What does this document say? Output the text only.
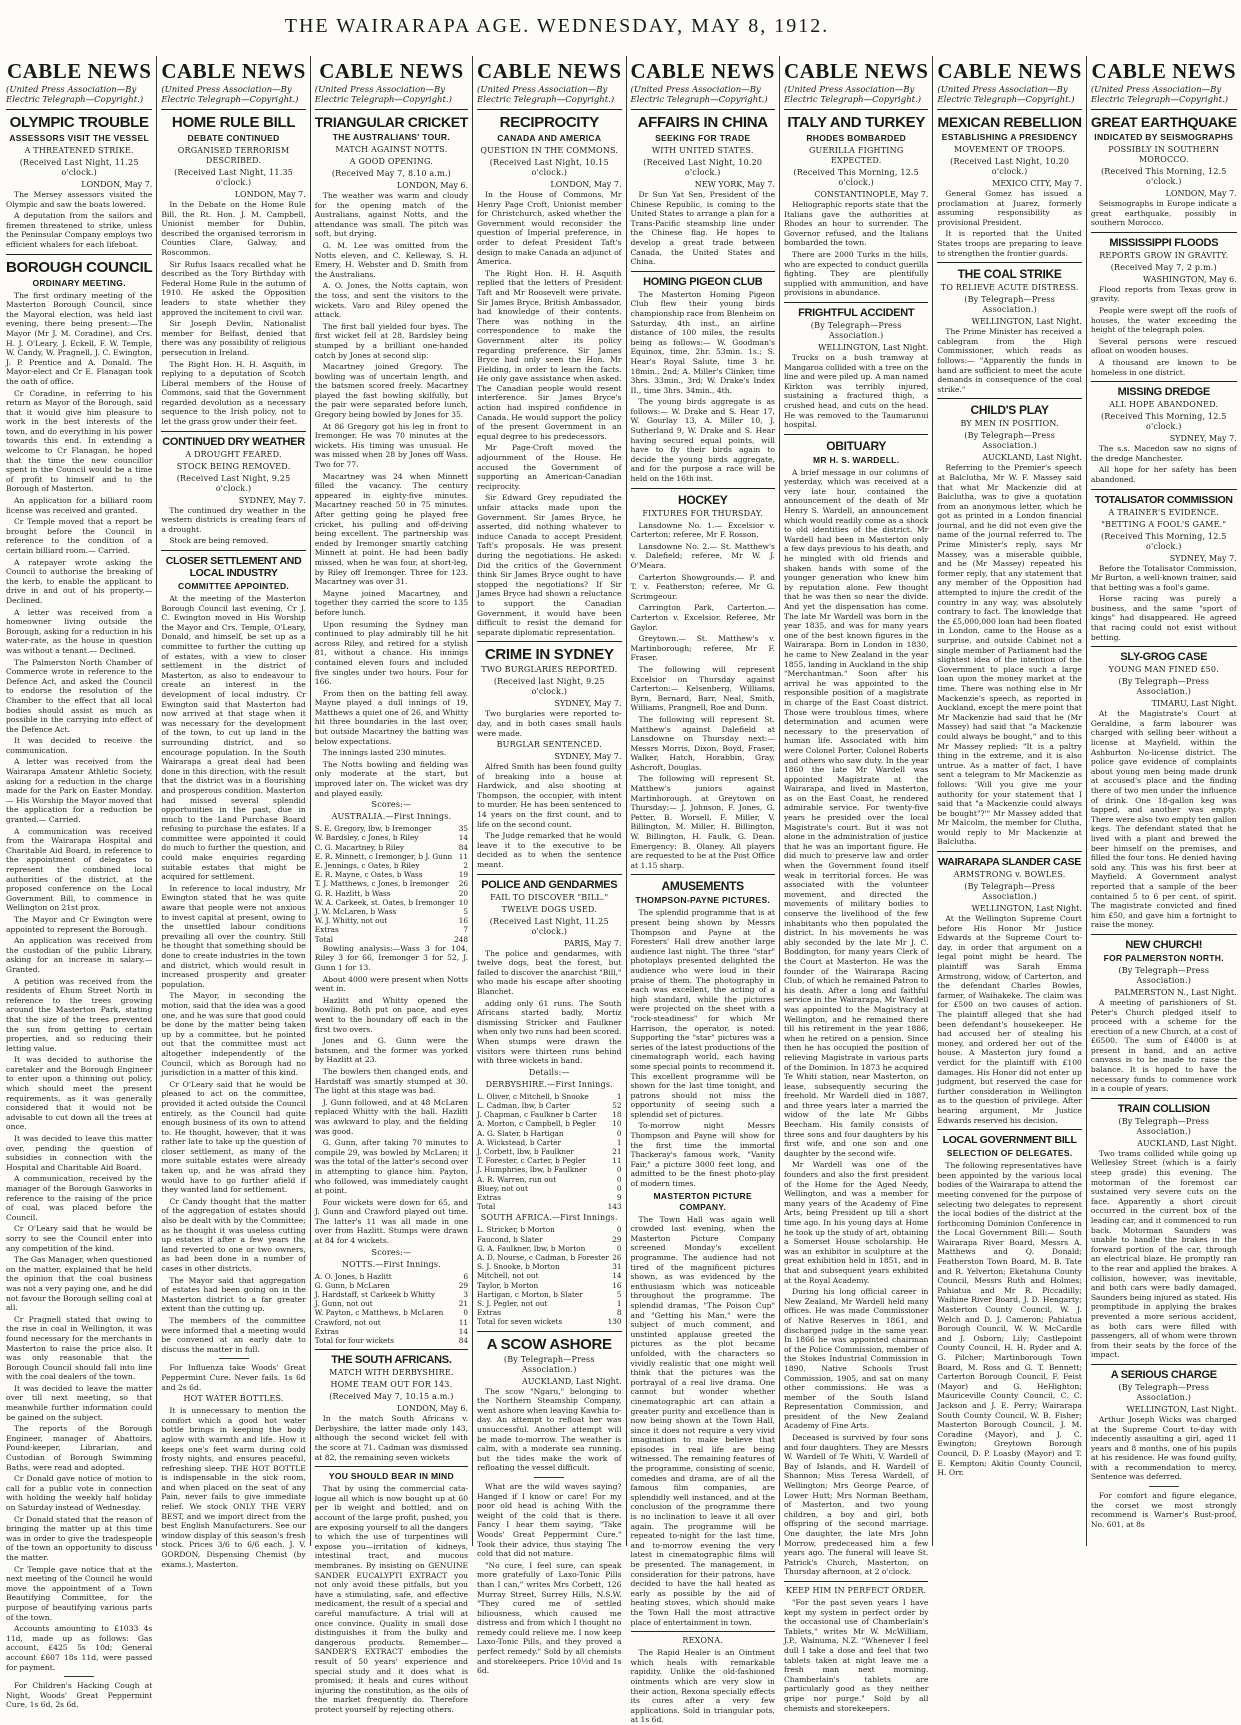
THE WAIRARAPA AGE. WEDNESDAY, MAY 8, 1912.
CABLE NEWS
(United Press Association—By Electric Telegraph—Copyright.)
OLYMPIC TROUBLE
ASSESSORS VISIT THE VESSEL
A THREATENED STRIKE.
(Received Last Night, 11.25 o'clock.)
LONDON, May 7.

The Mersey assessors visited the Olympic and saw the boats lowered.

A deputation from the sailors and firemen threatened to strike, unless the Peninsular Company employs two efficient whalers for each lifeboat.

BOROUGH COUNCIL
ORDINARY MEETING.

The first ordinary meeting of the Masterton Borough Council, since the Mayoral election, was held last evening, there being present:—The Mayor (Mr J. M. Coradine), and Crs. H. J. O'Leary, J. Eckell, F. W. Temple, W. Candy, W. Pragnell, J. C. Ewington, J. P. Prentice and A. Donald. The Mayor-elect and Cr E. Flanagan took the oath of office.

Cr Coradine, in referring to his return as Mayor of the Borough, said that it would give him pleasure to work in the best interests of the town, and do everything in his power towards this end. In extending a welcome to Cr Flanagan, he hoped that the time the new councillor spent in the Council would be a time of profit to himself and to the Borough of Masterton.

An application for a billiard room license was received and granted.

Cr Temple moved that a report be brought before the Council in reference to the condition of a certain billiard room.— Carried.

A ratepayer wrote asking the Council to authorise the breaking of the kerb, to enable the applicant to drive in and out of his property.— Declined.

A letter was received from a homeowner living outside the Borough, asking for a reduction in his water-rate, as the house in question was without a tenant.— Declined.

The Palmerston North Chamber of Commerce wrote in reference to the Defence Act, and asked the Council to endorse the resolution of the Chamber to the effect that all local bodies should assist as much as possible in the carrying into effect of the Defence Act.

It was decided to receive the communication.

A letter was received from the Wairarapa Amateur Athletic Society, asking for a reduction in the charge made for the Park on Easter Monday.— His Worship the Mayor moved that the application for a reduction be granted.— Carried.

A communication was received from the Wairarapa Hospital and Charitable Aid Board, in reference to the appointment of delegates to represent the combined local authorities of the district, at the proposed conference on the Local Government Bill, to commence in Wellington on 21st prox.

The Mayor and Cr Ewington were appointed to represent the Borough.

An application was received from the custodian of the public Library, asking for an increase in salary.— Granted.

A petition was received from the residents of Ehum Street North in reference to the trees growing around the Masterton Park, stating that the size of the trees prevented the sun from getting to certain properties, and so reducing their letting value.

It was decided to authorise the caretaker and the Borough Engineer to enter upon a thinning out policy, which should meet the present requirements, as it was generally considered that it would not be advisable to cut down all the trees at once.

It was decided to leave this matter over, pending the question of subsidies in connection with the Hospital and Charitable Aid Board.

A communication, received by the manager of the Borough Gasworks in reference to the raising of the price of coal, was placed before the Council.

Cr O'Leary said that he would be sorry to see the Council enter into any competition of the kind.

The Gas Manager, when questioned on the matter, explained that he held the opinion that the coal business was not a very paying one, and he did not favour the Borough selling coal at all.

Cr Pragnell stated that owing to the rise in coal in Wellington, it was found necessary for the merchants in Masterton to raise the price also. It was only reasonable that the Borough Council should fall into line with the coal dealers of the town.

It was decided to leave the matter over till next meeting, so that meanwhile further information could be gained on the subject.

The reports of the Borough Engineer, manager of Abattoirs, Pound-keeper, Librarian, and Custodian of Borough Swimming Baths, were read and adopted.

Cr Donald gave notice of motion to call for a public vote in connection with holding the weekly half holiday on Saturday instead of Wednesday.

Cr Donald stated that the reason of bringing the matter up at this time was in order to give the tradespeople of the town an opportunity to discuss the matter.

Cr Temple gave notice that at the next meeting of the Council he would move the appointment of a Town Beautifying Committee, for the purpose of beautifying various parts of the town.

Accounts amounting to £1033 4s 11d, made up as follows: Gas account, £425 5s 10d; General account £607 18s 11d, were passed for payment.

For Children's Hacking Cough at Night, Woods' Great Peppermint Cure, 1s 6d, 2s 6d.

CABLE NEWS
(United Press Association—By Electric Telegraph—Copyright.)
HOME RULE BILL
DEBATE CONTINUED
ORGANISED TERRORISM DESCRIBED.
(Received Last Night, 11.35 o'clock.)
LONDON, May 7.

In the Debate on the Home Rule Bill, the Rt. Hon. J. M. Campbell, Unionist member for Dublin, described the organised terrorism in Counties Clare, Galway, and Roscommon.

Sir Rufus Isaacs recalled what he described as the Tory Birthday with Federal Home Rule in the autumn of 1910. He asked the Opposition leaders to state whether they approved the incitement to civil war.

Sir Joseph Devlin, Nationalist member for Belfast, denied that there was any possibility of religious persecution in Ireland.

The Right Hon. H. H. Asquith, in replying to a deputation of Scotch Liberal members of the House of Commons, said that the Government regarded devolution as a necessary sequence to the Irish policy, not to let the grass grow under their feet.

CONTINUED DRY WEATHER
A DROUGHT FEARED.
STOCK BEING REMOVED.
(Received Last Night, 9.25 o'clock.)
SYDNEY, May 7.

The continued dry weather in the western districts is creating fears of a drought.

Stock are being removed.

CLOSER SETTLEMENT AND LOCAL INDUSTRY
COMMITTEE APPOINTED.

At the meeting of the Masterton Borough Council last evening, Cr J. C. Ewington moved in His Worship the Mayor and Crs. Temple, O'Leary, Donald, and himself, be set up as a committee to further the cutting up of estates, with a view to closer settlement in the district of Masterton, as also to endeavour to create an interest in the development of local industry. Cr Ewington said that Masterton had now arrived at that stage when it was necessary for the development of the town, to cut up land in the surrounding district, and so encourage population. In the South Wairarapa a great deal had been done in this direction, with the result that the district was in a flourishing and prosperous condition. Masterton had missed several splendid opportunities in the past, due in much to the Land Purchase Board refusing to purchase the estates. If a committee were appointed it could do much to further the question, and could make enquiries regarding suitable estates that might be acquired for settlement.

In reference to local industry, Mr Ewington stated that he was quite aware that people were not anxious to invest capital at present, owing to the unsettled labour conditions prevailing all over the country. Still he thought that something should be done to create industries in the town and district, which would result in increased prosperity and greater population.

The Mayor, in seconding the motion, said that the idea was a good one, and he was sure that good could be done by the matter being taken up by a committee, but he pointed out that the committee must act altogether independently of the Council, which as Borough had no jurisdiction in a matter of this kind.

Cr O'Leary said that he would be pleased to act on the committee, provided it acted outside the Council entirely, as the Council had quite enough business of its own to attend to. He thought, however, that it was rather late to take up the question of closer settlement, as many of the more suitable estates were already taken up, and he was afraid they would have to go further afield if they wanted land for settlement.

Cr Candy thought that the matter of the aggregation of estates should also be dealt with by the Committee; as he thought it was useless cutting up estates if after a few years the land reverted to one or two owners, as had been done in a number of cases in other districts.

The Mayor said that aggregation of estates had been going on in the Masterton district to a far greater extent than the cutting up.

The members of the committee were informed that a meeting would be convened at an early date to discuss the matter in full.

For Influenza take Woods' Great Peppermint Cure. Never fails. 1s 6d and 2s 6d.

HOT WATER BOTTLES.

It is unnecessary to mention the comfort which a good hot water bottle brings in keeping the body aglow with warmth and life. How it keeps one's feet warm during cold frosty nights, and ensures peaceful, refreshing sleep. THE HOT BOTTLE is indispensable in the sick room, and when placed on the seat of any Pain, never fails to give immediate relief. We stock ONLY THE VERY BEST, and we import direct from the best English Manufacturers. See our window display of this season's fresh stock. Prices 3/6 to 6/6 each. J. V. GORDON, Dispensing Chemist (by exams.), Masterton.

CABLE NEWS
(United Press Association—By Electric Telegraph—Copyright.)
TRIANGULAR CRICKET
THE AUSTRALIANS' TOUR.
MATCH AGAINST NOTTS.
A GOOD OPENING.
(Received May 7, 8.10 a.m.)
LONDON, May 6.

The weather was warm and cloudy for the opening match of the Australians, against Notts, and the attendance was small. The pitch was soft, but drying.

G. M. Lee was omitted from the Notts eleven, and C. Kelleway, S. H. Emery, H. Webster and D. Smith from the Australians.

A. O. Jones, the Notts captain, won the toss, and sent the visitors to the wickets. Varo and Riley opened the attack.

The first ball yielded four byes. The first wicket fell at 28, Bardsley being stumped by a brilliant one-handed catch by Jones at second slip.

Macartney joined Gregory. The bowling was of uncertain length, and the batsmen scored freely. Macartney played the fast bowling skilfully, but the pair were separated before lunch, Gregory being bowled by Jones for 35.

At 86 Gregory got his leg in front to Iremonger. He was 70 minutes at the wickets. His timing was unusual. He was missed when 28 by Jones off Wass. Two for 77.

Macartney was 24 when Minnett filled the vacancy. The century appeared in eighty-five minutes. Macartney reached 50 in 75 minutes. After getting going he played free cricket, his pulling and off-driving being excellent. The partnership was ended by Iremonger smartly catching Minnett at point. He had been badly missed, when he was four, at short-leg, by Riley off Iremonger. Three for 123. Macartney was over 31.

Mayne joined Macartney, and together they carried the score to 135 before lunch.

Upon resuming the Sydney man continued to play admirably till he hit across Riley, and retired for a stylish 81, without a chance. His innings contained eleven fours and included five singles under two hours. Four for 166.

From then on the batting fell away. Mayne played a dull innings of 19, Matthews a quiet one of 26, and Whitty hit three boundaries in the last over, but outside Macartney the batting was below expectations.

The innings lasted 230 minutes.

The Notts bowling and fielding was only moderate at the start, but improved later on. The wicket was dry and played easily.

Scores:—
AUSTRALIA.—First Innings.
S. E. Gregory, lbw, b Iremonger	35
W. Bardsley, c Jones, b Riley	14
C. G. Macartney, b Riley	84
E. R. Minnett, c Iremonger, b J. Gunn 11
E. Jennings, c Oates, b Riley	2
E. R. Mayne, c Oates, b Wass	19
T. J. Matthews, c Jones, b Iremonger 26
G. R. Hazlitt, b Wass	20
W. A. Carkeek, st. Oates, b Iremonger 10
J. W. McLaren, b Wass	5
W. J. Whitty, not out	16
Extras	7
Total	248

Bowling analysis:—Wass 3 for 104, Riley 3 for 66, Iremonger 3 for 52, J. Gunn 1 for 13.

About 4000 were present when Notts went in.

Hazlitt and Whitty opened the bowling. Both put on pace, and eyes went to the boundary off each in the first two overs.

Jones and G. Gunn were the batsmen, and the former was yorked by Hazlitt at 23.

The bowlers then changed ends, and Hardstaff was smartly stumped at 30. The light at this stage was bad.

J. Gunn followed, and at 48 McLaren replaced Whitty with the ball. Hazlitt was awkward to play, and the fielding was good.

G. Gunn, after taking 70 minutes to compile 29, was bowled by McLaren; it was the total of the latter's second over in attempting to glance him. Payton, who followed, was immediately caught at point.

Four wickets were down for 65, and J. Gunn and Crawford played out time. The latter's 11 was all made in one over from Hazlitt. Stumps were drawn at 84 for 4 wickets.

Scores:—
NOTTS.—First Innings.
A. O. Jones, b Hazlitt	6
G. Gunn, b McLaren	29
J. Hardstaff, st Carkeek b Whitty	3
J. Gunn, not out	21
W. Payton, c Matthews, b McLaren	0
Crawford, not out	11
Extras	14
Total for four wickets	84
THE SOUTH AFRICANS.
MATCH WITH DERBYSHIRE.
HOME TEAM OUT FOR 143.
(Received May 7, 10.15 a.m.)
LONDON, May 6.

In the match South Africans v. Derbyshire, the latter made only 143, although the second wicket fell with the score at 71. Cadman was dismissed at 82, the remaining seven wickets

YOU SHOULD BEAR IN MIND

That by using the commercial cata-logue all which is now bought up at 60 per lb weight and bottled, and on account of the large profit, pushed, you are exposing yourself to all the dangers to which the use of turpentines will expose you—irritation of kidneys, intestinal tract, and mucous membranes. By insisting on GENUINE SANDER EUCALYPTI EXTRACT you not only avoid these pitfalls, but you have a stimulating, safe, and effective medicament, the result of a special and careful manufacture. A trial will at once convince. Quality in small dose distinguishes it from the bulky and dangerous products. Remember—SANDER'S EXTRACT embodies the result of 50 years' experience and special study and it does what is promised; it heals and cures without injuring the constitution, as the oils of the market frequently do. Therefore protect yourself by rejecting others.

CABLE NEWS
(United Press Association—By Electric Telegraph—Copyright.)
RECIPROCITY
CANADA AND AMERICA
QUESTION IN THE COMMONS.
(Received Last Night, 10.15 o'clock.)
LONDON, May 7.

In the House of Commons, Mr Henry Page Croft, Unionist member for Christchurch, asked whether the Government would reconsider the question of Imperial preference, in order to defeat President Taft's design to make Canada an adjunct of America.

The Right Hon. H. H. Asquith replied that the letters of President Taft and Mr Roosevelt were private. Sir James Bryce, British Ambassador, had knowledge of their contents. There was nothing in the correspondence to make the Government alter its policy regarding preference. Sir James Bryce had only seen the Hon. Mr Fielding, in order to learn the facts. He only gave assistance when asked. The Canadian people would resent interference. Sir James Bryce's action had inspired confidence in Canada. He would support the policy of the present Government in an equal degree to his predecessors.

Mr Page-Croft moved the adjournment of the House. He accused the Government of supporting an American-Canadian reciprocity.

Sir Edward Grey repudiated the unfair attacks made upon the Government. Sir James Bryce, he asserted, did nothing whatever to induce Canada to accept President Taft's proposals. He was present during the negotiations. He asked: Did the critics of the Government think Sir James Bryce ought to have stopped the negotiations? If Sir James Bryce had shown a reluctance to support the Canadian Government, it would have been difficult to resist the demand for separate diplomatic representation.

CRIME IN SYDNEY
TWO BURGLARIES REPORTED.
(Received last Night, 9.25 o'clock.)
SYDNEY, May 7.

Two burglaries were reported to-day, and in both cases small hauls were made.

BURGLAR SENTENCED.
SYDNEY, May 7.

Alfred Smith has been found guilty of breaking into a house at Hardwick, and also shooting at Thompson, the occupier, with intent to murder. He has been sentenced to 14 years on the first count, and to life on the second count.

The Judge remarked that he would leave it to the executive to be decided as to when the sentence meant.

POLICE AND GENDARMES
FAIL TO DISCOVER "BILL."
TWELVE DOGS USED.
(Received Last Night, 11.25 o'clock.)
PARIS, May 7.

The police and gendarmes, with twelve dogs, beat the forest, but failed to discover the anarchist "Bill," who made his escape after shooting Blanchet.

adding only 61 runs. The South Africans started badly, Mortiz dismissing Stricker and Faulkner when only two runs had been scored. When stumps were drawn the visitors were thirteen runs behind with three wickets in hand.

Details:—
DERBYSHIRE.—First Innings.
L. Oliver, c Mitchell, b Snooke	1
L. Cadman, lbw, b Carter	52
J. Chapman, c Faulkner b Carter 18
A. Morton, c Campbell, b Pegler 10
A. G. Slater, b Hartigan	0
A. Wickstead, b Carter	1
J. Corbett, lbw, b Faulkner	21
T. Forester, c Carter, b Pegler	11
J. Humphries, lbw, b Faulkner	0
A. R. Warren, run out	0
Bluey, not out	0
Extras	9
Total	143
SOUTH AFRICA.—First Innings.
L. Stricker, b Morton	0
Faucond, b Slater	29
G. A. Faulkner, lbw, b Morton	0
A. D. Nourse, c Cadman, b Forester 26
S. J. Snooke, b Morton	31
Mitchell, not out	14
Taylor, b Morton	16
Hartigan, c Morton, b Slater	5
S. J. Pegler, not out	1
Extras	8
Total for seven wickets	130
A SCOW ASHORE
(By Telegraph—Press Association.)
AUCKLAND, Last Night.

The scow "Ngaru," belonging to the Northern Steamship Company, went ashore when leaving Kawhia to-day. An attempt to refloat her was unsuccessful. Another attempt will be made to-morrow. The weather is calm, with a moderate sea running, but the tides make the work of refloating the vessel difficult.

What are the wild waves saying? Hanged if I know or care! For my poor old head is aching With the weight of the cold that is there. Fancy I hear them saying, "Take Woods' Great Peppermint Cure." Took their advice, thus staying The cold that did not mature.

"No cure, I feel sure, can speak more gratefully of Laxo-Tonic Pills than I can," writes Mrs Corbett, 126 Murray Street, Surrey Hills, N.S.W. "They cured me of settled biliousness, which caused me distress and from which I thought no remedy could relieve me. I now keep Laxo-Tonic Pills, and they proved a perfect remedy." Sold by all chemists and storekeepers. Price 10½d and 1s 6d.

CABLE NEWS
(United Press Association—By Electric Telegraph—Copyright.)
AFFAIRS IN CHINA
SEEKING FOR TRADE
WITH UNITED STATES.
(Received Last Night, 10.20 o'clock.)
NEW YORK, May 7.

Dr Sun Yat Sen, President of the Chinese Republic, is coming to the United States to arrange a plan for a Trans-Pacific steamship line under the Chinese flag. He hopes to develop a great trade between Canada, the United States and China.

HOMING PIGEON CLUB

The Masterton Homing Pigeon Club flew their young birds championship race from Blenheim on Saturday, 4th inst., an airline distance of 100 miles, the results being as follows:— W. Goodman's Equinox, time, 2hr. 53min. 1s.; S. Hear's Royal Salute, time 3 hr. 18min., 2nd; A. Miller's Clinker, time 3hrs. 33min., 3rd; W. Drake's Index II., time 3hrs. 34min., 4th.

The young birds aggregate is as follows:— W. Drake and S. Hear 17, W. Gourlay 13, A. Miller 10, J. Sutherland 9, W. Drake and S. Hear having secured equal points, will have to fly their birds again to decide the young birds aggregate, and for the purpose a race will be held on the 16th inst.

HOCKEY
FIXTURES FOR THURSDAY.

Lansdowne No. 1.— Excelsior v. Carterton; referee, Mr F. Rosson.

Lansdowne No. 2.— St. Matthew's v. Dalefield; referee, Mr W. J. O'Meara.

Carterton Showgrounds.— P. and T. v. Featherston; referee, Mr G. Scrimgeour.

Carrington Park, Carterton.— Carterton v. Excelsior. Referee, Mr Gaylor.

Greytown.— St. Matthew's v. Martinborough; referee, Mr F. Fraser.

The following will represent Excelsior on Thursday against Carterton:— Kelsenberg, Williams, Byrn, Bernard, Barr, Neal, Smith, Williams, Prangnell, Roe and Dunn.

The following will represent St. Matthew's against Dalefield at Lansdowne on Thursday next:— Messrs Morris, Dixon, Boyd, Fraser, Walker, Hatch, Horabbin, Gray, Ashcroft, Douglas.

The following will represent St. Matthew's juniors against Martinborough, at Greytown on Thursday:— J. Johnson, F. Jones, G. Petter, B. Worsell, F. Miller, V. Billington, M. Miller, H. Billington, W. Billington, H. Faulk, G. Dean. Emergency: B. Olaney. All players are requested to be at the Post Office at 1.15 sharp.

AMUSEMENTS
THOMPSON-PAYNE PICTURES.

The splendid programme that is at present being shown by Messrs Thompson and Payne at the Foresters' Hall drew another large audience last night. The three "star" photoplays presented delighted the audience who were loud in their praise of them. The photography in each was excellent, the acting of a high standard, while the pictures were projected on the sheet with a "rock-steadiness" for which Mr Harrison, the operator, is noted. Supporting the "star" pictures was a series of the latest productions of the cinematograph world, each having some special points to recommend it. This excellent programme will be shown for the last time tonight, and patrons should not miss the opportunity of seeing such a splendid set of pictures.

To-morrow night Messrs Thompson and Payne will show for the first time the immortal Thackeray's famous work, "Vanity Fair," a picture 3000 feet long, and admitted to be the finest photo-play of modern times.

MASTERTON PICTURE COMPANY.

The Town Hall was again well crowded last evening, when the Masterton Picture Company screened Monday's excellent programme. The audience had not tired of the magnificent pictures shown, as was evidenced by the enthusiasm which was noticeable throughout the programme. The splendid dramas, "The Poison Cup" and "Getting his Man," were the subject of much comment, and unstinted applause greeted the pictures as the plot became unfolded, with the characters so vividly realistic that one might well think that the pictures was the portrayal of a real live drama. One cannot but wonder whether cinematographic art can attain a greater purity and excellence than is now being shown at the Town Hall, since it does not require a very vivid imagination to make believe that episodes in real life are being witnessed. The remaining features of the programme, consisting of scenic, comedies and drama, are of all the famous film companies, are splendidly well instanced, and at the conclusion of the programme there is no inclination to leave it all over again. The programme will be repeated to-night for the last time, and to-morrow evening the very latest in cinematographic films will be presented. The management, in consideration for their patrons, have decided to have the hall heated as early as possible by the aid of heating stoves, which should make the Town Hall the most attractive place of entertainment in town.

REXONA.

The Rapid Healer is an Ointment which heals with remarkable rapidity. Unlike the old-fashioned ointments which are very slow in their action, Rexona specially effects its cures after a very few applications. Sold in triangular pots, at 1s 6d.

CABLE NEWS
(United Press Association—By Electric Telegraph—Copyright.)
ITALY AND TURKEY
RHODES BOMBARDED
GUERILLA FIGHTING EXPECTED.
(Received This Morning, 12.5 o'clock.)
CONSTANTINOPLE, May 7.

Heliographic reports state that the Italians gave the authorities at Rhodes an hour to surrender. The Governor refused, and the Italians bombarded the town.

There are 2000 Turks in the hills, who are expected to conduct guerilla fighting. They are plentifully supplied with ammunition, and have provisions in abundance.

FRIGHTFUL ACCIDENT
(By Telegraph—Press Association.)
WELLINGTON, Last Night.

Trucks on a bush tramway at Mangaroa collided with a tree on the line and were piled up. A man named Kirkton was terribly injured, sustaining a fractured thigh, a crushed head, and cuts on the head. He was removed to the Taumarunui hospital.

OBITUARY
MR H. S. WARDELL.

A brief message in our columns of yesterday, which was received at a very late hour, contained the announcement of the death of Mr Henry S. Wardell, an announcement which would readily come as a shock to old identities of the district. Mr Wardell had been in Masterton only a few days previous to his death, and he mingled with old friends and shaken hands with some of the younger generation who knew him by reputation alone. Few thought that he was then so near the divide. And yet the dispensation has come. The late Mr Wardell was born in the year 1835, and was for many years one of the best known figures in the Wairarapa. Born in London in 1830, he came to New Zealand in the year 1855, landing in Auckland in the ship "Merchantman." Soon after his arrival he was appointed to the responsible position of a magistrate in charge of the East Coast district. Those were troublous times, where determination and acumen were necessary to the preservation of human life. Associated with him were Colonel Porter, Colonel Roberts and others who saw duty. In the year 1860 the late Mr Wardell was appointed Magistrate at the Wairarapa, and lived in Masterton, as on the East Coast, he rendered admirable service. For twenty-five years he presided over the local Magistrate's court. But it was not alone in the administration of justice that he was an important figure. He did much to preserve law and order when the Government found itself weak in territorial forces. He was associated with the volunteer movement, and directed the movements of military bodies to conserve the livelihood of the few inhabitants who then populated the district. In his movements he was ably seconded by the late Mr J. C. Boddington, for many years Clerk of the Court at Masterton. He was the founder of the Wairarapa Racing Club, of which he remained Patron to his death. After a long and faithful service in the Wairarapa, Mr Wardell was appointed to the Magistracy at Wellington, and he remained there till his retirement in the year 1886, when he retired on a pension. Since then he has occupied the position of relieving Magistrate in various parts of the Dominion. In 1873 he acquired Te Whiti station, near Masterton, on lease, subsequently securing the freehold. Mr Wardell died in 1887, and three years later a married the widow of the late Mr Gibbs Beecham. His family consists of three sons and four daughters by his first wife, and one son and one daughter by the second wife.

Mr Wardell was one of the founders and also the first president of the Home for the Aged Needy, Wellington, and was a member for many years of the Academy of Fine Arts, being President up till a short time ago. In his young days at Home he took up the study of art, obtaining a Somerset House scholarship. He was an exhibitor in sculpture at the great exhibition held in 1851, and in that and subsequent years exhibited at the Royal Academy.

During his long official career in New Zealand, Mr Wardell held many offices. He was made Commissioner of Native Reserves in 1861, and discharged judge in the same year. In 1866 he was appointed chairman of the Police Commission, member of the Stokes Industrial Commission in 1890, Native Schools Trust Commission, 1905, and sat on many other commissions. He was a member of the South Island Representation Commission, and president of the New Zealand Academy of Fine Arts.

Deceased is survived by four sons and four daughters. They are Messrs W. Wardell of Te Whiti, V. Wardell of Bay of Islands, and H. Wardell of Shannon; Miss Teresa Wardell, of Wellington; Mrs George Pearce, of Lower Hutt; Mrs Norman Beetham, of Masterton, and two young children, a boy and girl, both offspring of the second marriage. One daughter, the late Mrs John Morrow, predeceased him a few years ago. The funeral will leave St. Patrick's Church, Masterton, on Thursday afternoon, at 2 o'clock.

KEEP HIM IN PERFECT ORDER.

"For the past seven years I have kept my system in perfect order by the occasional use of Chamberlain's Tablets," writes Mr W. McWilliam, J.P., Wainuma, N.Z. "Whenever I feel dull I take a dose and feel that two tablets taken at night leave me a fresh man next morning. Chamberlain's tablets are particularly good as they neither gripe nor purge." Sold by all chemists and storekeepers.

CABLE NEWS
(United Press Association—By Electric Telegraph—Copyright.)
MEXICAN REBELLION
ESTABLISHING A PRESIDENCY
MOVEMENT OF TROOPS.
(Received Last Night, 10.20 o'clock.)
MEXICO CITY, May 7.

General Gomez has issued a proclamation at Juarez, formerly assuming responsibility as provisional President.

It is reported that the United States troops are preparing to leave to strengthen the frontier guards.

THE COAL STRIKE
TO RELIEVE ACUTE DISTRESS.
(By Telegraph—Press Association.)
WELLINGTON, Last Night.

The Prime Minister has received a cablegram from the High Commissioner, which reads as follows:— "Apparently the funds in hand are sufficient to meet the acute demands in consequence of the coal strike."

CHILD'S PLAY
BY MEN IN POSITION.
(By Telegraph—Press Association.)
AUCKLAND, Last Night.

Referring to the Premier's speech at Balclutha, Mr W. F. Massey said that what Mr Mackenzie did at Balclutha, was to give a quotation from an anonymous letter, which he got as printed in a London financial journal, and he did not even give the name of the journal referred to. The Prime Minister's reply, says Mr Massey, was a miserable quibble, and he (Mr Massey) repeated his former reply, that any statement that any member of the Opposition had attempted to injure the credit of the country in any way, was absolutely contrary to fact. The knowledge that the £5,000,000 loan had been floated in London, came to the House as a surprise, and outside Cabinet not a single member of Parliament had the slightest idea of the intention of the Government to place such a large loan upon the money market at the time. There was nothing else in Mr Mackenzie's speech, as reported in Auckland, except the mere point that Mr Mackenzie had said that he (Mr Massey) had said that "a Mackenzie could always be bought," and to this Mr Massey replied: "It is a paltry thing in the extreme, and it is also untrue. As a matter of fact, I have sent a telegram to Mr Mackenzie as follows: 'Will you give me your authority for your statement that I said that "a Mackenzie could always be bought"?'" Mr Massey added that Mr Malcolm, the member for Clutha, would reply to Mr Mackenzie at Balclutha.

WAIRARAPA SLANDER CASE
ARMSTRONG v. BOWLES.
(By Telegraph—Press Association.)
WELLINGTON, Last Night.

At the Wellington Supreme Court before His Honor Mr Justice Edwards at the Supreme Court to-day, in order that argument on a legal point might be heard. The plaintiff was Sarah Emma Armstrong, widow, of Carterton, and the defendant Charles Bowles, farmer, of Waihakeke. The claim was for £500 on two causes of action. The plaintiff alleged that she had been defendant's housekeeper. He had accused her of stealing his money, and ordered her out of the house. A Masterton jury found a verdict for the plaintiff with £100 damages. His Honor did not enter up judgment, but reserved the case for further consideration in Wellington as to the question of privilege. After hearing argument, Mr Justice Edwards reserved his decision.

LOCAL GOVERNMENT BILL
SELECTION OF DELEGATES.

The following representatives have been appointed by the various local bodies of the Wairarapa to attend the meeting convened for the purpose of selecting two delegates to represent the local bodies of the district at the forthcoming Dominion Conference in the Local Government Bill:— South Wairarapa River Board, Messrs A. Matthews and Q. Donald; Featherston Town Board, M. B. Tate and R. Yelverton; Eketahuna County Council, Messrs Ruth and Holmes; Pahiatua and Mr R. Piccadilly; Waihine River Board, J. D. Hengarty; Masterton County Council, W. J. Welch and D. J. Cameron; Pahiatua Borough Council, W. W. McCardle and J. Osborn; Lily; Castlepoint County Council, H. H. Ryder and A. G. Pilcher; Martinborough Town Board, M. Ross and G. T. Bennett; Carterton Borough Council, F. Feist (Mayor) and G. HeHighton; Mauriceville County Council, C. C. Jackson and J. E. Perry; Wairarapa South County Council, W. B. Fisher; Masterton Borough Council, J. M. Coradine (Mayor), and J. C. Ewington; Greytown Borough Council, D. P. Loasby (Mayor) and T. E. Kempton; Akitio County Council, H. Orr.

CABLE NEWS
(United Press Association—By Electric Telegraph—Copyright.)
GREAT EARTHQUAKE
INDICATED BY SEISMOGRAPHS
POSSIBLY IN SOUTHERN MOROCCO.
(Received This Morning, 12.5 o'clock.)
LONDON, May 7.

Seismographs in Europe indicate a great earthquake, possibly in southern Morocco.

MISSISSIPPI FLOODS
REPORTS GROW IN GRAVITY.
(Received May 7, 2 p.m.)
WASHINGTON, May 6.

Flood reports from Texas grow in gravity.

People were swept off the roofs of houses, the water exceeding the height of the telegraph poles.

Several persons were rescued afloat on wooden houses.

A thousand are known to be homeless in one district.

MISSING DREDGE
ALL HOPE ABANDONED.
(Received This Morning, 12.5 o'clock.)
SYDNEY, May 7.

The s.s. Macedon saw no signs of the dredge Manchester.

All hope for her safety has been abandoned.

TOTALISATOR COMMISSION
A TRAINER'S EVIDENCE.
"BETTING A FOOL'S GAME."
(Received This Morning, 12.5 o'clock.)
SYDNEY, May 7.

Before the Totalisator Commission, Mr Burton, a well-known trainer, said that betting was a fool's game.

Horse racing was purely a business, and the same "sport of kings" had disappeared. He agreed that racing could not exist without betting.

SLY-GROG CASE
YOUNG MAN FINED £50.
(By Telegraph—Press Association.)
TIMARU, Last Night.

At the Magistrate's Court at Geraldine, a farm labourer was charged with selling beer without a license at Mayfield, within the Ashburton No-license district. The police gave evidence of complaints about young men being made drunk at accused's place and the finding there of two men under the influence of drink. One 18-gallon keg was tapped, and another was empty. There were also two empty ten gallon kegs. The defendant stated that he lived with a plant and brewed the beer himself on the premises, and filled the four tons. He denied having sold any. This was his first beer at Mayfield. A Government analyst reported that a sample of the beer contained 5 to 6 per cent. of spirit. The magistrate convicted and fined him £50, and gave him a fortnight to raise the money.

NEW CHURCH!
FOR PALMERSTON NORTH.
(By Telegraph—Press Association.)
PALMERSTON N., Last Night.

A meeting of parishioners of St. Peter's Church pledged itself to proceed with a scheme for the erection of a new Church, at a cost of £6500. The sum of £4000 is at present in hand, and an active canvass is to be made to raise the balance. It is hoped to have the necessary funds to commence work in a couple of years.

TRAIN COLLISION
(By Telegraph—Press Association.)
AUCKLAND, Last Night.

Two trams collided while going up Wellesley Street (which is a fairly steep grade) this evening. The motorman of the foremost car sustained very severe cuts on the face. Apparently a short circuit occurred in the current box of the leading car, and it commenced to run back. Motorman Saunders was unable to handle the brakes in the forward portion of the car, through an electrical blaze. He promptly ran to the rear and applied the brakes. A collision, however, was inevitable, and both cars were badly damaged, Saunders being injured as stated. His promptitude in applying the brakes prevented a more serious accident, as both cars were filled with passengers, all of whom were thrown from their seats by the force of the impact.

A SERIOUS CHARGE
(By Telegraph—Press Association.)
WELLINGTON, Last Night.

Arthur Joseph Wicks was charged at the Supreme Court to-day with indecently assaulting a girl, aged 11 years and 8 months, one of his pupils at his residence. He was found guilty, with a recommendation to mercy. Sentence was deferred.

For comfort and figure elegance, the corset we most strongly recommend is Warner's Rust-proof, No. 601, at 8s
